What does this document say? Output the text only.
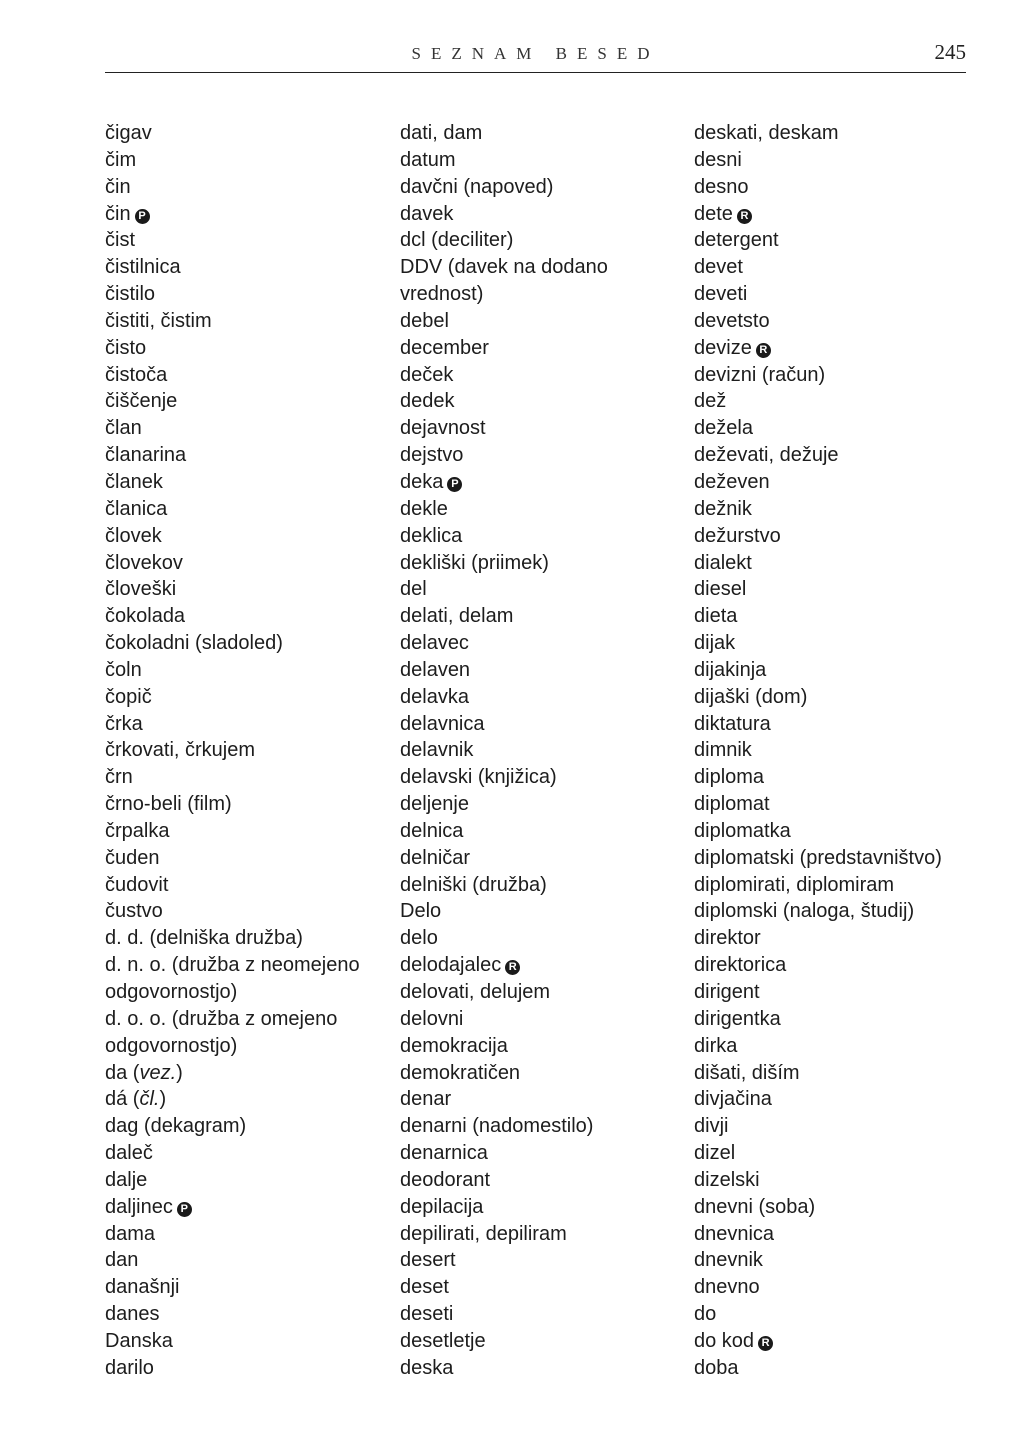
SEZNAM BESED	245
čigav
čim
čin
čin P
čist
čistilnica
čistilo
čistiti, čistim
čisto
čistoča
čiščenje
član
članarina
članek
članica
človek
človekov
človeški
čokolada
čokoladni (sladoled)
čoln
čopič
črka
črkovati, črkujem
črn
črno-beli (film)
črpalka
čuden
čudovit
čustvo
d. d. (delniška družba)
d. n. o. (družba z neomejeno
odgovornostjo)
d. o. o. (družba z omejeno
odgovornostjo)
da (vez.)
dá (čl.)
dag (dekagram)
daleč
dalje
daljinec P
dama
dan
današnji
danes
Danska
darilo
dati, dam
datum
davčni (napoved)
davek
dcl (deciliter)
DDV (davek na dodano
vrednost)
debel
december
deček
dedek
dejavnost
dejstvo
deka P
dekle
deklica
dekliški (priimek)
del
delati, delam
delavec
delaven
delavka
delavnica
delavnik
delavski (knjižica)
deljenje
delnica
delničar
delniški (družba)
Delo
delo
delodajalec R
delovati, delujem
delovni
demokracija
demokratičen
denar
denarni (nadomestilo)
denarnica
deodorant
depilacija
depilirati, depiliram
desert
deset
deseti
desetletje
deska
deskati, deskam
desni
desno
dete R
detergent
devet
deveti
devetsto
devize R
devizni (račun)
dež
dežela
deževati, dežuje
deževen
dežnik
dežurstvo
dialekt
diesel
dieta
dijak
dijakinja
dijaški (dom)
diktatura
dimnik
diploma
diplomat
diplomatka
diplomatski (predstavništvo)
diplomirati, diplomiram
diplomski (naloga, študij)
direktor
direktorica
dirigent
dirigentka
dirka
dišati, diším
divjačina
divji
dizel
dizelski
dnevni (soba)
dnevnica
dnevnik
dnevno
do
do kod R
doba
